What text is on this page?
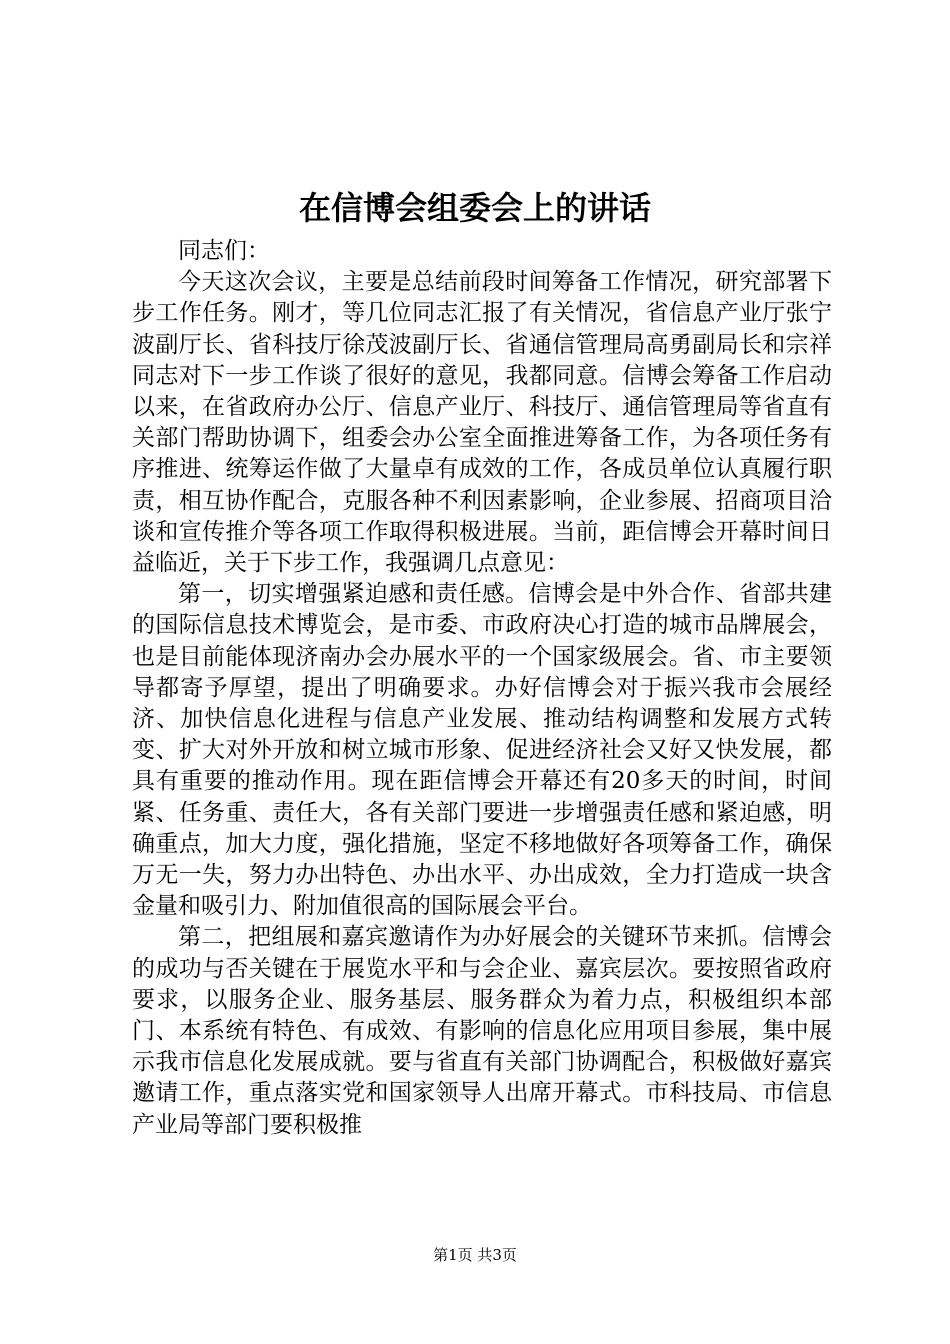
在信博会组委会上的讲话

同志们：

今天这次会议，主要是总结前段时间筹备工作情况，研究部署下步工作任务。刚才，等几位同志汇报了有关情况，省信息产业厅张宁波副厅长、省科技厅徐茂波副厅长、省通信管理局高勇副局长和宗祥同志对下一步工作谈了很好的意见，我都同意。信博会筹备工作启动以来，在省政府办公厅、信息产业厅、科技厅、通信管理局等省直有关部门帮助协调下，组委会办公室全面推进筹备工作，为各项任务有序推进、统筹运作做了大量卓有成效的工作，各成员单位认真履行职责，相互协作配合，克服各种不利因素影响，企业参展、招商项目洽谈和宣传推介等各项工作取得积极进展。当前，距信博会开幕时间日益临近，关于下步工作，我强调几点意见：

第一，切实增强紧迫感和责任感。信博会是中外合作、省部共建的国际信息技术博览会，是市委、市政府决心打造的城市品牌展会，也是目前能体现济南办会办展水平的一个国家级展会。省、市主要领导都寄予厚望，提出了明确要求。办好信博会对于振兴我市会展经济、加快信息化进程与信息产业发展、推动结构调整和发展方式转变、扩大对外开放和树立城市形象、促进经济社会又好又快发展，都具有重要的推动作用。现在距信博会开幕还有20多天的时间，时间紧、任务重、责任大，各有关部门要进一步增强责任感和紧迫感，明确重点，加大力度，强化措施，坚定不移地做好各项筹备工作，确保万无一失，努力办出特色、办出水平、办出成效，全力打造成一块含金量和吸引力、附加值很高的国际展会平台。

第二，把组展和嘉宾邀请作为办好展会的关键环节来抓。信博会的成功与否关键在于展览水平和与会企业、嘉宾层次。要按照省政府要求，以服务企业、服务基层、服务群众为着力点，积极组织本部门、本系统有特色、有成效、有影响的信息化应用项目参展，集中展示我市信息化发展成就。要与省直有关部门协调配合，积极做好嘉宾邀请工作，重点落实党和国家领导人出席开幕式。市科技局、市信息产业局等部门要积极推

第1页 共3页
